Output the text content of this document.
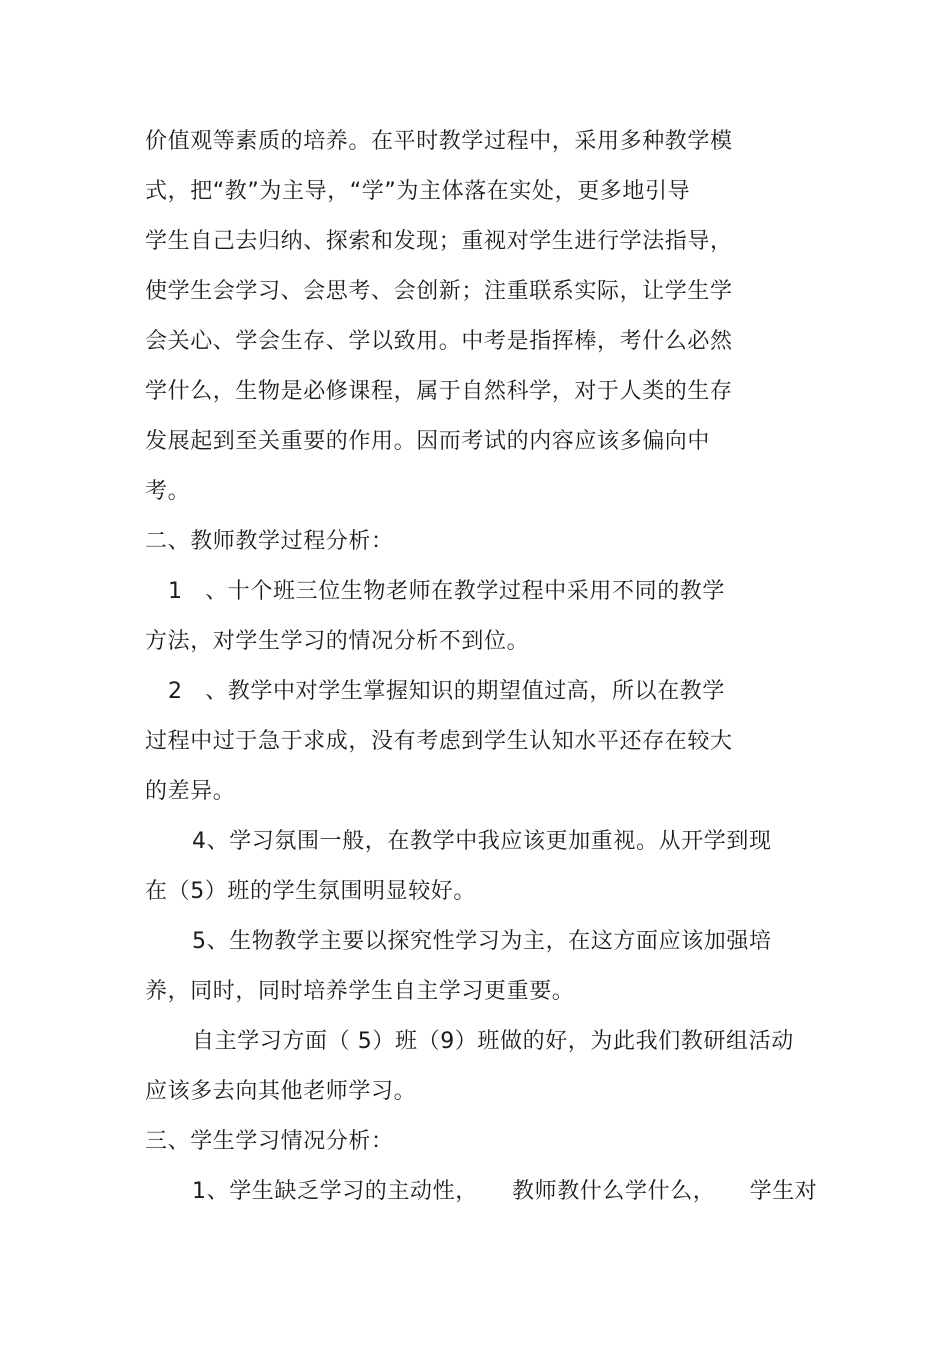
价值观等素质的培养。在平时教学过程中，采用多种教学模
式，把“教”为主导，“学”为主体落在实处，更多地引导
学生自己去归纳、探索和发现；重视对学生进行学法指导，
使学生会学习、会思考、会创新；注重联系实际，让学生学
会关心、学会生存、学以致用。中考是指挥棒，考什么必然
学什么，生物是必修课程，属于自然科学，对于人类的生存
发展起到至关重要的作用。因而考试的内容应该多偏向中
考。
二、教师教学过程分析：
1　、十个班三位生物老师在教学过程中采用不同的教学
方法，对学生学习的情况分析不到位。
2　、教学中对学生掌握知识的期望值过高，所以在教学
过程中过于急于求成，没有考虑到学生认知水平还存在较大
的差异。
4、学习氛围一般，在教学中我应该更加重视。从开学到现
在（5）班的学生氛围明显较好。
5、生物教学主要以探究性学习为主，在这方面应该加强培
养，同时，同时培养学生自主学习更重要。
自主学习方面（ 5）班（9）班做的好，为此我们教研组活动
应该多去向其他老师学习。
三、学生学习情况分析：
1、学生缺乏学习的主动性，　　教师教什么学什么，　　学生对
